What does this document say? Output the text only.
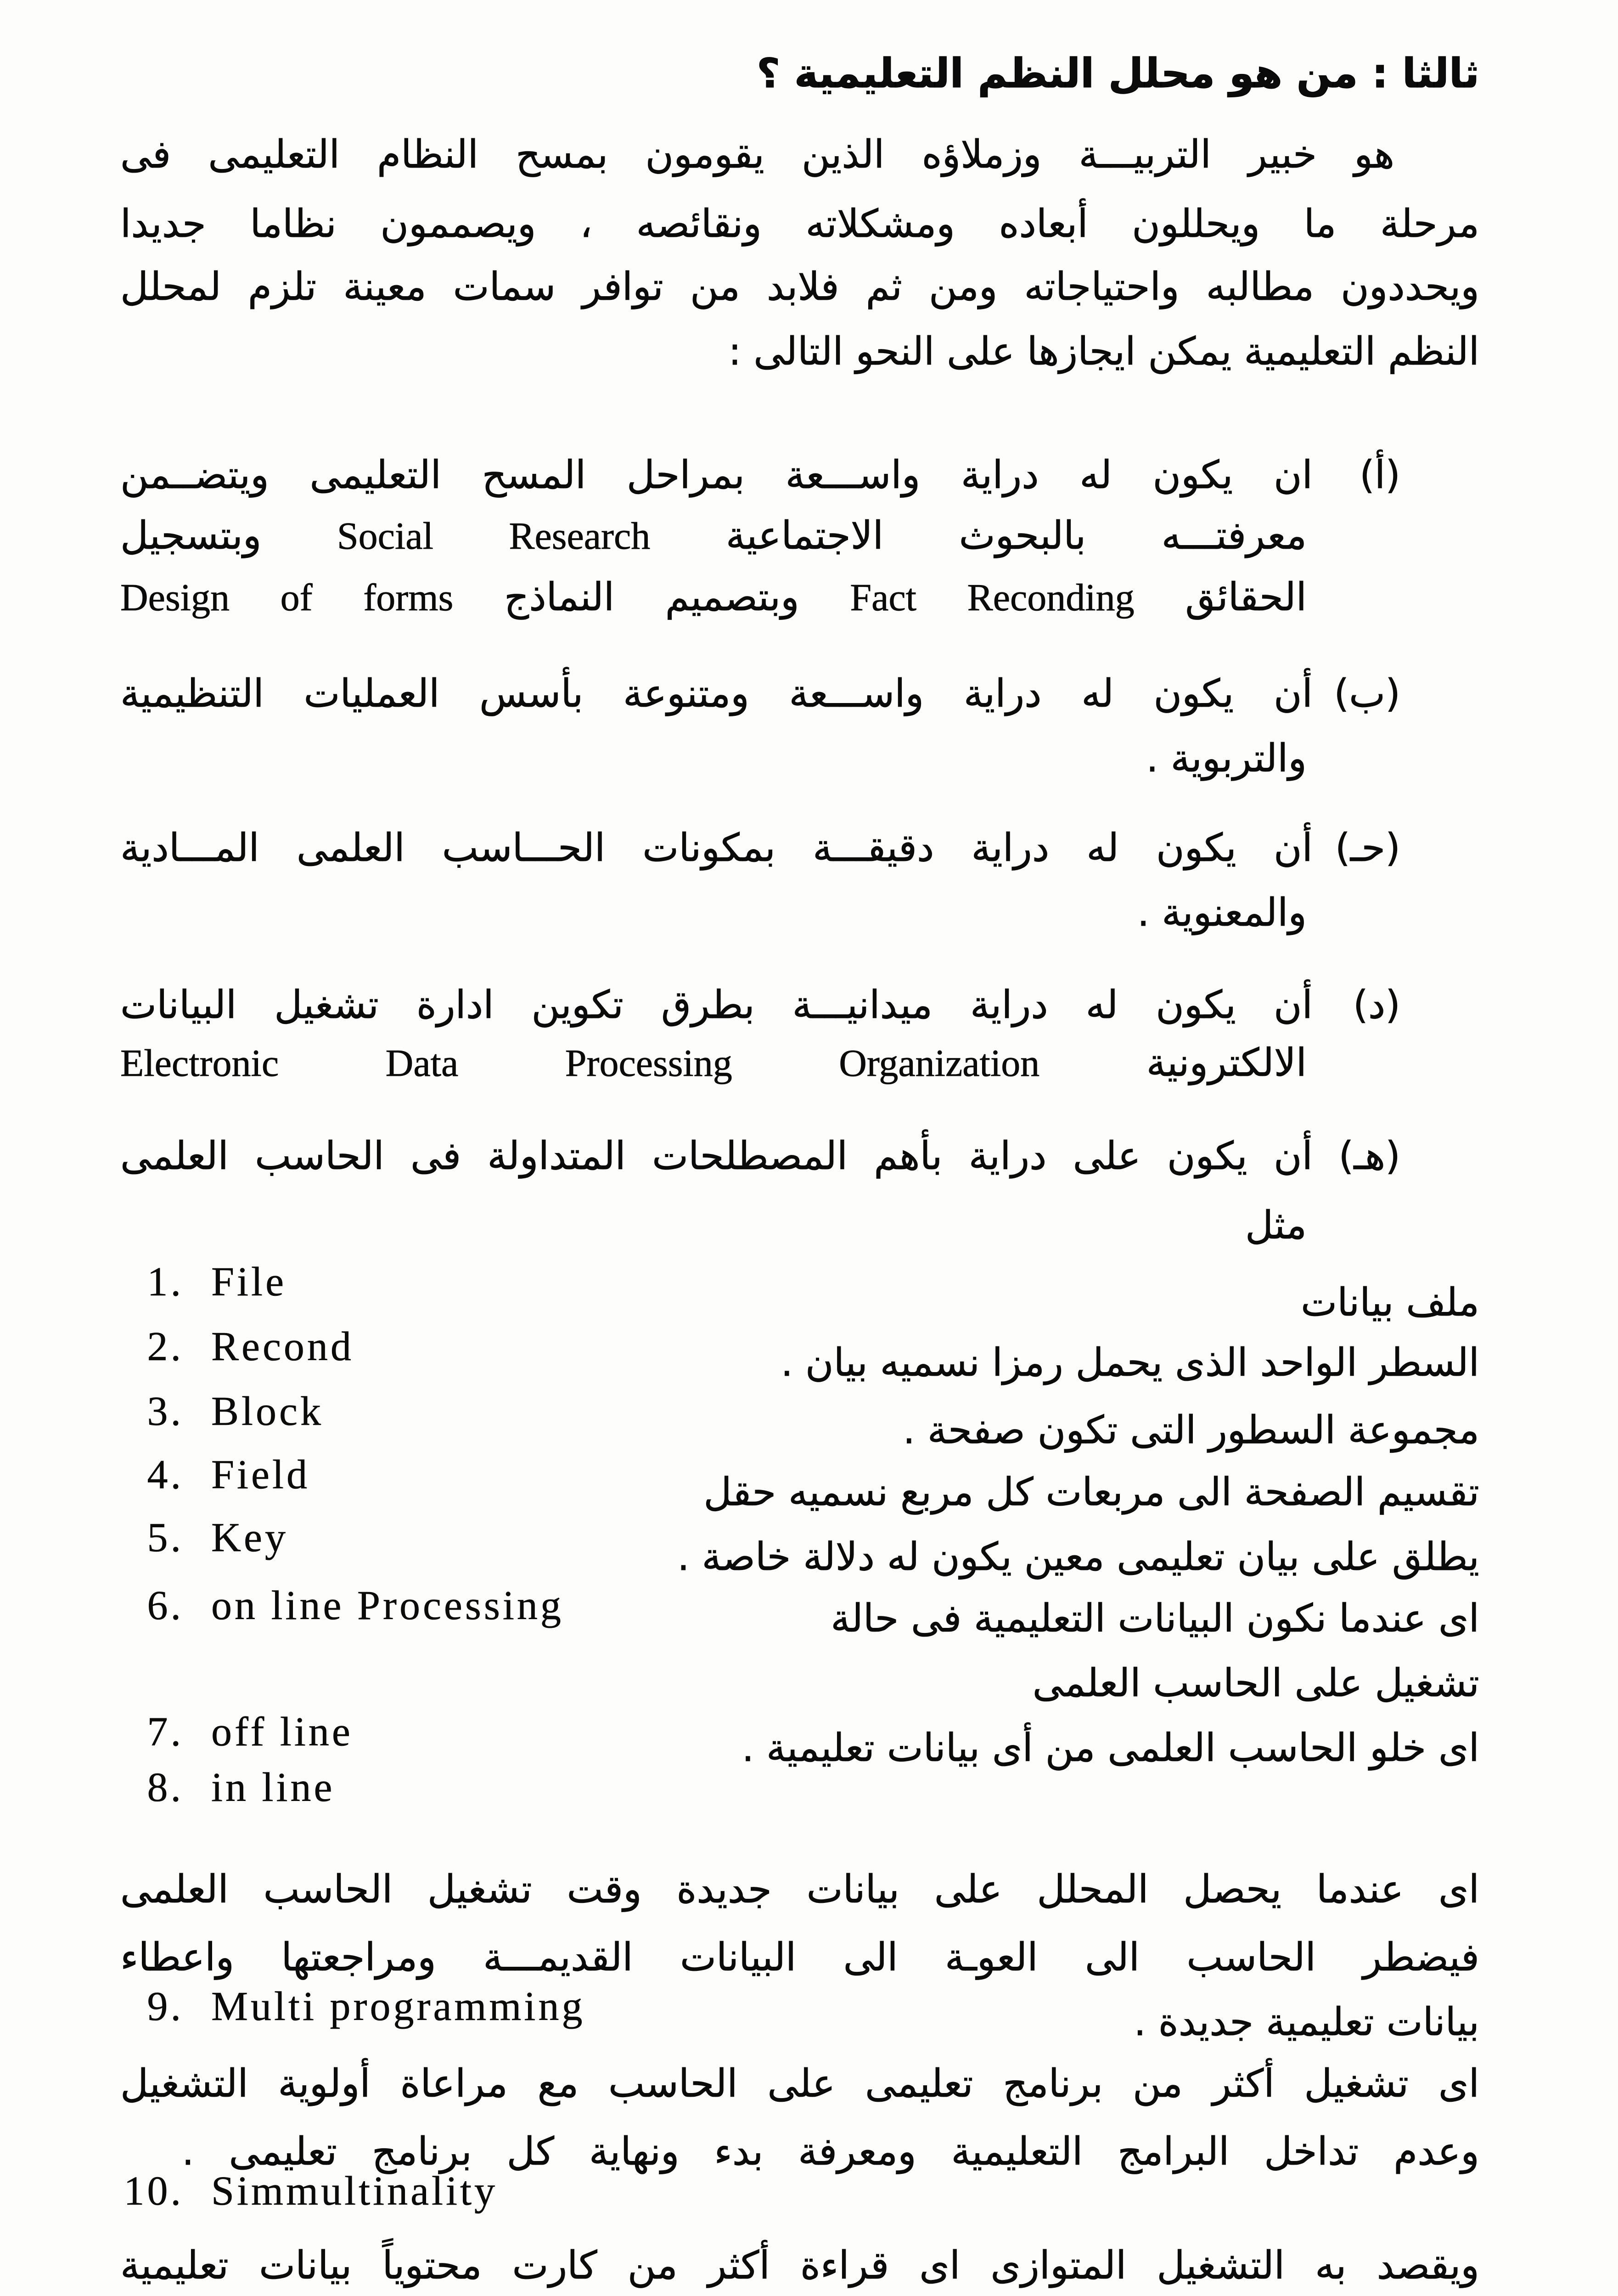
ثالثا : من هو محلل النظم التعليمية ؟
هو خبير التربيـــة وزملاؤه الذين يقومون بمسح النظام التعليمى فى
مرحلة ما ويحللون أبعاده ومشكلاته ونقائصه ، ويصممون نظاما جديدا
ويحددون مطالبه واحتياجاته ومن ثم فلابد من توافر سمات معينة تلزم لمحلل
النظم التعليمية يمكن ايجازها على النحو التالى :
(أ)
ان يكون له دراية واســـعة بمراحل المسح التعليمى ويتضــمن
معرفتـــه بالبحوث الاجتماعية Social Research وبتسجيل
الحقائق Fact Reconding وبتصميم النماذج Design of forms
(ب)
أن يكون له دراية واســـعة ومتنوعة بأسس العمليات التنظيمية
والتربوية .
(حـ)
أن يكون له دراية دقيقـــة بمكونات الحـــاسب العلمى المـــادية
والمعنوية .
(د)
أن يكون له دراية ميدانيـــة بطرق تكوين ادارة تشغيل البيانات
الالكترونية Electronic Data Processing Organization
(هـ)
أن يكون على دراية بأهم المصطلحات المتداولة فى الحاسب العلمى
مثل
1. File	ملف بيانات
2. Recond	السطر الواحد الذى يحمل رمزا نسميه بيان .
3. Block	مجموعة السطور التى تكون صفحة .
4. Field	تقسيم الصفحة الى مربعات كل مربع نسميه حقل
5. Key	يطلق على بيان تعليمى معين يكون له دلالة خاصة .
6. on line Processing	اى عندما نكون البيانات التعليمية فى حالة
تشغيل على الحاسب العلمى
7. off line	اى خلو الحاسب العلمى من أى بيانات تعليمية .
8. in line
اى عندما يحصل المحلل على بيانات جديدة وقت تشغيل الحاسب العلمى
فيضطر الحاسب الى العوـة الى البيانات القديمـــة ومراجعتها واعطاء
بيانات تعليمية جديدة .
9. Multi programming
اى تشغيل أكثر من برنامج تعليمى على الحاسب مع مراعاة أولوية التشغيل
وعدم تداخل البرامج التعليمية ومعرفة بدء ونهاية كل برنامج تعليمى .
10. Simmultinality
ويقصد به التشغيل المتوازى اى قراءة أكثر من كارت محتوياً بيانات تعليمية
